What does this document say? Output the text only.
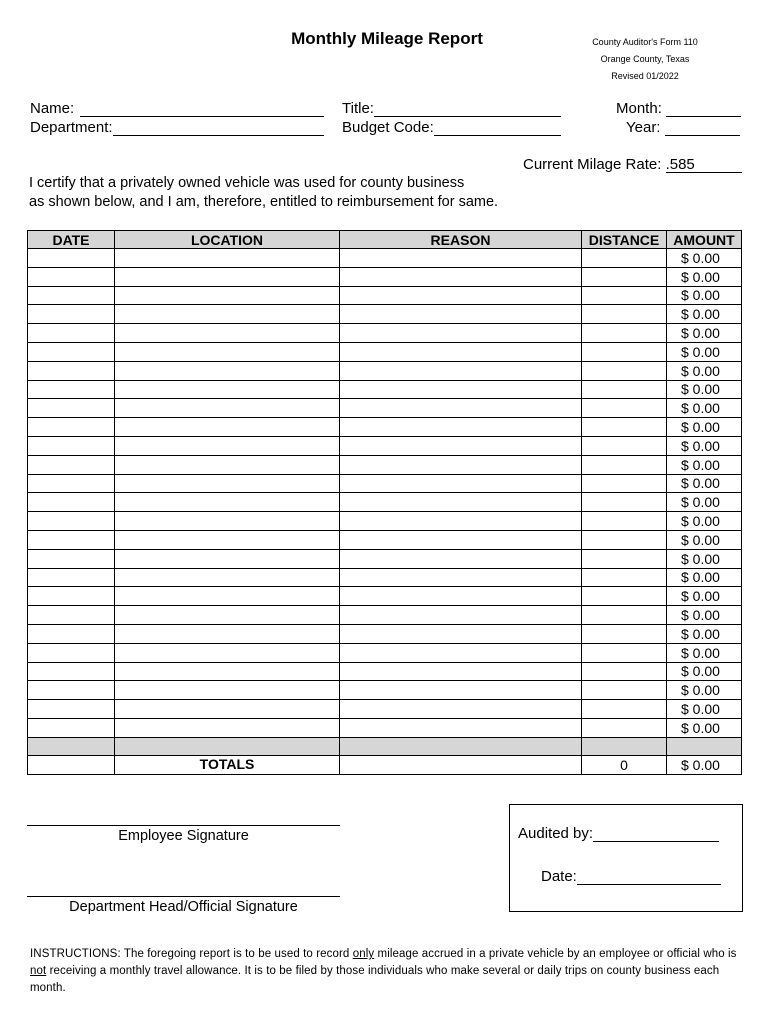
Monthly Mileage Report	County Auditor's Form 110
Orange County, Texas
Revised 01/2022
Name:
Department:
Title:
Budget Code:
Month:
Year:
Current Milage Rate: .585
I certify that a privately owned vehicle was used for county business
as shown below, and I am, therefore, entitled to reimbursement for same.
DATE	LOCATION	REASON	DISTANCE	AMOUNT
				$ 0.00
				$ 0.00
				$ 0.00
				$ 0.00
				$ 0.00
				$ 0.00
				$ 0.00
				$ 0.00
				$ 0.00
				$ 0.00
				$ 0.00
				$ 0.00
				$ 0.00
				$ 0.00
				$ 0.00
				$ 0.00
				$ 0.00
				$ 0.00
				$ 0.00
				$ 0.00
				$ 0.00
				$ 0.00
				$ 0.00
				$ 0.00
				$ 0.00
				$ 0.00

	TOTALS		0	$ 0.00
Employee Signature
Department Head/Official Signature
Audited by:
Date:
INSTRUCTIONS: The foregoing report is to be used to record only mileage accrued in a private vehicle by an employee or official who is not receiving a monthly travel allowance. It is to be filed by those individuals who make several or daily trips on county business each month.
